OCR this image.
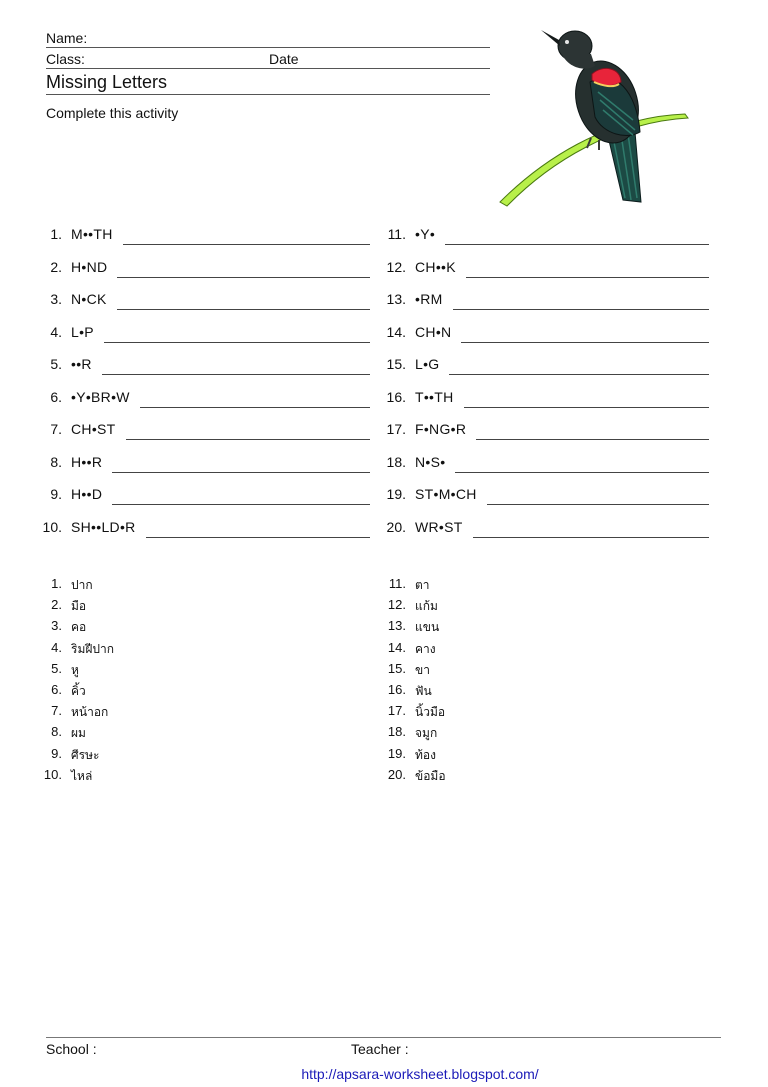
Name:
Class:	Date
Missing Letters
Complete this activity
1. M••TH
2. H•ND
3. N•CK
4. L•P
5. ••R
6. •Y•BR•W
7. CH•ST
8. H••R
9. H••D
10. SH••LD•R
11. •Y•
12. CH••K
13. •RM
14. CH•N
15. L•G
16. T••TH
17. F•NG•R
18. N•S•
19. ST•M•CH
20. WR•ST
1. ปาก
2. มือ
3. คอ
4. ริมฝีปาก
5. หู
6. คิ้ว
7. หน้าอก
8. ผม
9. ศีรษะ
10. ไหล่
11. ตา
12. แก้ม
13. แขน
14. คาง
15. ขา
16. ฟัน
17. นิ้วมือ
18. จมูก
19. ท้อง
20. ข้อมือ
School :	Teacher :
http://apsara-worksheet.blogspot.com/
